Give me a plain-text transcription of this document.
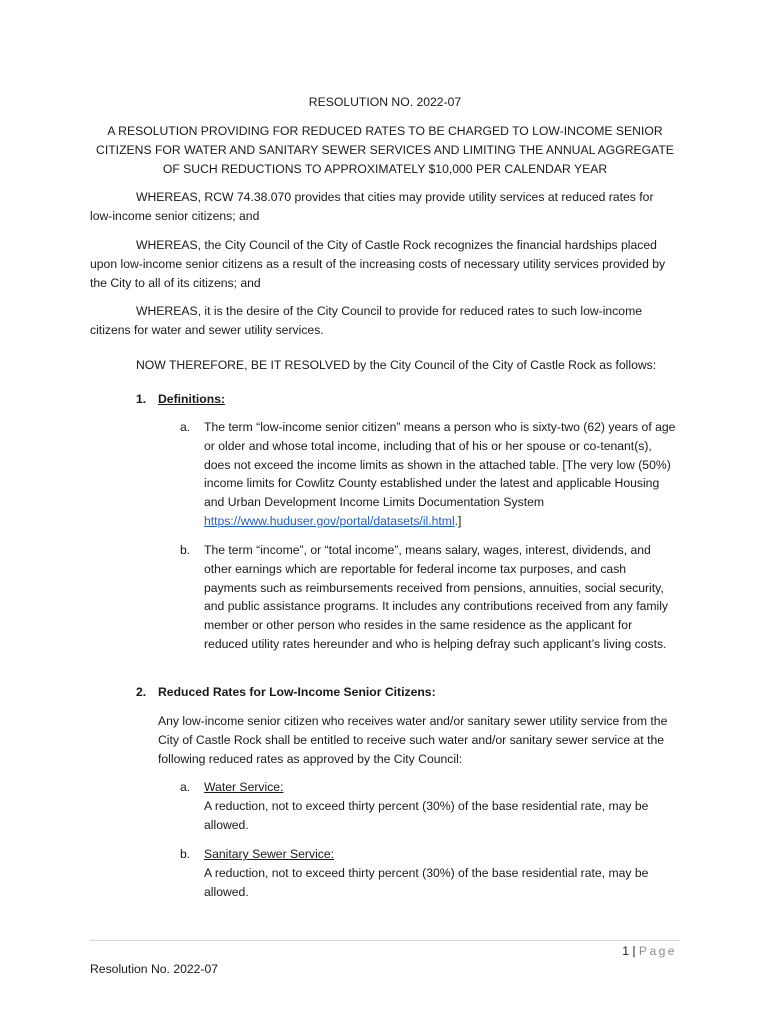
RESOLUTION NO. 2022-07
A RESOLUTION PROVIDING FOR REDUCED RATES TO BE CHARGED TO LOW-INCOME SENIOR CITIZENS FOR WATER AND SANITARY SEWER SERVICES AND LIMITING THE ANNUAL AGGREGATE OF SUCH REDUCTIONS TO APPROXIMATELY $10,000 PER CALENDAR YEAR
WHEREAS, RCW 74.38.070 provides that cities may provide utility services at reduced rates for low-income senior citizens; and
WHEREAS, the City Council of the City of Castle Rock recognizes the financial hardships placed upon low-income senior citizens as a result of the increasing costs of necessary utility services provided by the City to all of its citizens; and
WHEREAS, it is the desire of the City Council to provide for reduced rates to such low-income citizens for water and sewer utility services.
NOW THEREFORE, BE IT RESOLVED by the City Council of the City of Castle Rock as follows:
1. Definitions:
a.	The term “low-income senior citizen” means a person who is sixty-two (62) years of age or older and whose total income, including that of his or her spouse or co-tenant(s), does not exceed the income limits as shown in the attached table. [The very low (50%) income limits for Cowlitz County established under the latest and applicable Housing and Urban Development Income Limits Documentation System https://www.huduser.gov/portal/datasets/il.html.]
b.	The term “income”, or “total income”, means salary, wages, interest, dividends, and other earnings which are reportable for federal income tax purposes, and cash payments such as reimbursements received from pensions, annuities, social security, and public assistance programs. It includes any contributions received from any family member or other person who resides in the same residence as the applicant for reduced utility rates hereunder and who is helping defray such applicant’s living costs.
2. Reduced Rates for Low-Income Senior Citizens:
Any low-income senior citizen who receives water and/or sanitary sewer utility service from the City of Castle Rock shall be entitled to receive such water and/or sanitary sewer service at the following reduced rates as approved by the City Council:
a.	Water Service:
A reduction, not to exceed thirty percent (30%) of the base residential rate, may be allowed.
b.	Sanitary Sewer Service:
A reduction, not to exceed thirty percent (30%) of the base residential rate, may be allowed.
1 | Page
Resolution No. 2022-07
